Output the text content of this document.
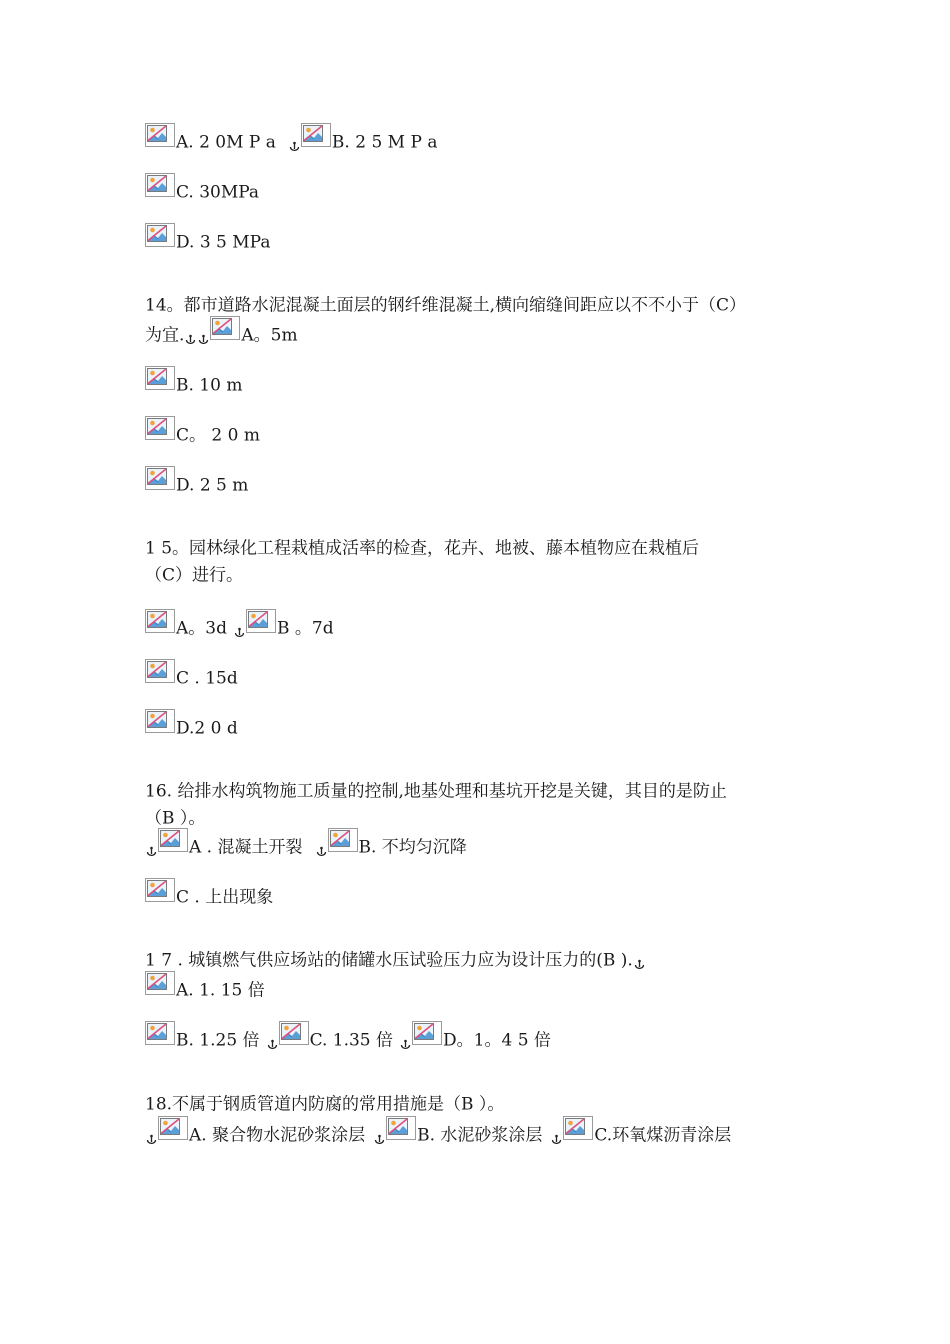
A. 2 0M P a	B. 2 5 M P a
C. 30MPa
D. 3 5 MPa
14。都市道路水泥混凝土面层的钢纤维混凝土,横向缩缝间距应以不不小于（C）
为宜.	A。5m
B. 10 m
C。 2 0 m
D. 2 5 m
1 5。园林绿化工程栽植成活率的检查，花卉、地被、藤本植物应在栽植后
（C）进行。
A。3d	B 。7d
C . 15d
D.2 0 d
16. 给排水构筑物施工质量的控制,地基处理和基坑开挖是关键，其目的是防止
（B ）。
A . 混凝土开裂	B. 不均匀沉降
C . 上出现象
1 7 . 城镇燃气供应场站的储罐水压试验压力应为设计压力的(B ).
A. 1. 15 倍
B. 1.25 倍	C. 1.35 倍	D。1。4 5 倍
18.不属于钢质管道内防腐的常用措施是（B ）。
A. 聚合物水泥砂浆涂层	B. 水泥砂浆涂层	C.环氧煤沥青涂层
